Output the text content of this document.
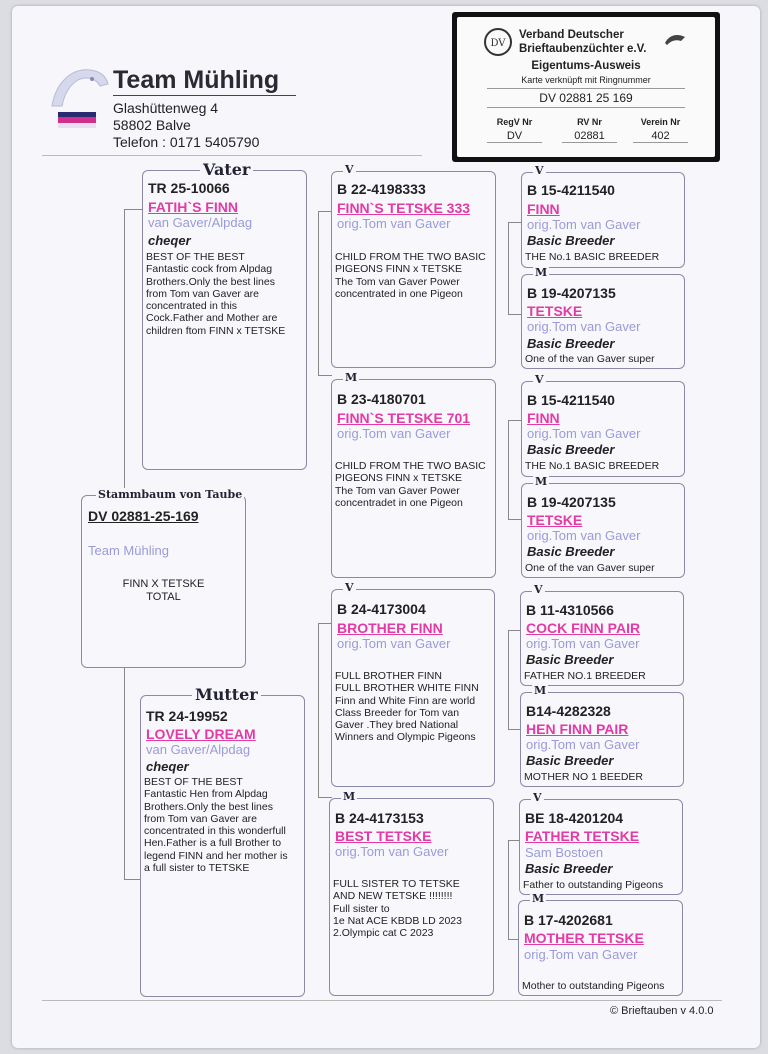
Team Mühling
Glashüttenweg 4
58802 Balve
Telefon : 0171 5405790
DV
Verband Deutscher
Brieftaubenzüchter e.V.
Eigentums-Ausweis
Karte verknüpft mit Ringnummer
DV 02881 25 169
RegV Nr	RV Nr	Verein Nr
DV	02881	402
DV 02881-25-169
Team Mühling
FINN X TETSKE
TOTAL
Stammbaum von Taube
TR 25-10066
FATIH`S FINN
van Gaver/Alpdag
cheqer
BEST OF THE BEST
Fantastic cock from Alpdag
Brothers.Only the best lines
from Tom van Gaver are
concentrated in this
Cock.Father and Mother are
children ftom FINN x TETSKE
Vater
TR 24-19952
LOVELY DREAM
van Gaver/Alpdag
cheqer
BEST OF THE BEST
Fantastic Hen from Alpdag
Brothers.Only the best lines
from Tom van Gaver are
concentrated in this wonderfull
Hen.Father is a full Brother to
legend FINN and her mother is
a full sister to TETSKE
Mutter
B 22-4198333
FINN`S TETSKE 333
orig.Tom van Gaver
CHILD FROM THE TWO BASIC
PIGEONS FINN x TETSKE
The Tom van Gaver Power
concentrated in one Pigeon
V
B 23-4180701
FINN`S TETSKE 701
orig.Tom van Gaver
CHILD FROM THE TWO BASIC
PIGEONS FINN x TETSKE
The Tom van Gaver Power
concentradet in one Pigeon
M
B 24-4173004
BROTHER FINN
orig.Tom van Gaver
FULL BROTHER FINN
FULL BROTHER WHITE FINN
Finn and White Finn are world
Class Breeder for Tom van
Gaver .They bred National
Winners and Olympic Pigeons
V
B 24-4173153
BEST TETSKE
orig.Tom van Gaver
FULL SISTER TO TETSKE
AND NEW TETSKE !!!!!!!!
Full sister to
1e Nat ACE KBDB LD 2023
2.Olympic cat C 2023
M
B 15-4211540
FINN
orig.Tom van Gaver
Basic Breeder
THE No.1 BASIC BREEDER
V
B 19-4207135
TETSKE
orig.Tom van Gaver
Basic Breeder
One of the van Gaver super
M
B 15-4211540
FINN
orig.Tom van Gaver
Basic Breeder
THE No.1 BASIC BREEDER
V
B 19-4207135
TETSKE
orig.Tom van Gaver
Basic Breeder
One of the van Gaver super
M
B 11-4310566
COCK FINN PAIR
orig.Tom van Gaver
Basic Breeder
FATHER NO.1 BREEDER
V
B14-4282328
HEN FINN PAIR
orig.Tom van Gaver
Basic Breeder
MOTHER NO 1 BEEDER
M
BE 18-4201204
FATHER TETSKE
Sam Bostoen
Basic Breeder
Father to outstanding Pigeons
V
B 17-4202681
MOTHER TETSKE
orig.Tom van Gaver
Mother to outstanding Pigeons
M
© Brieftauben v 4.0.0
